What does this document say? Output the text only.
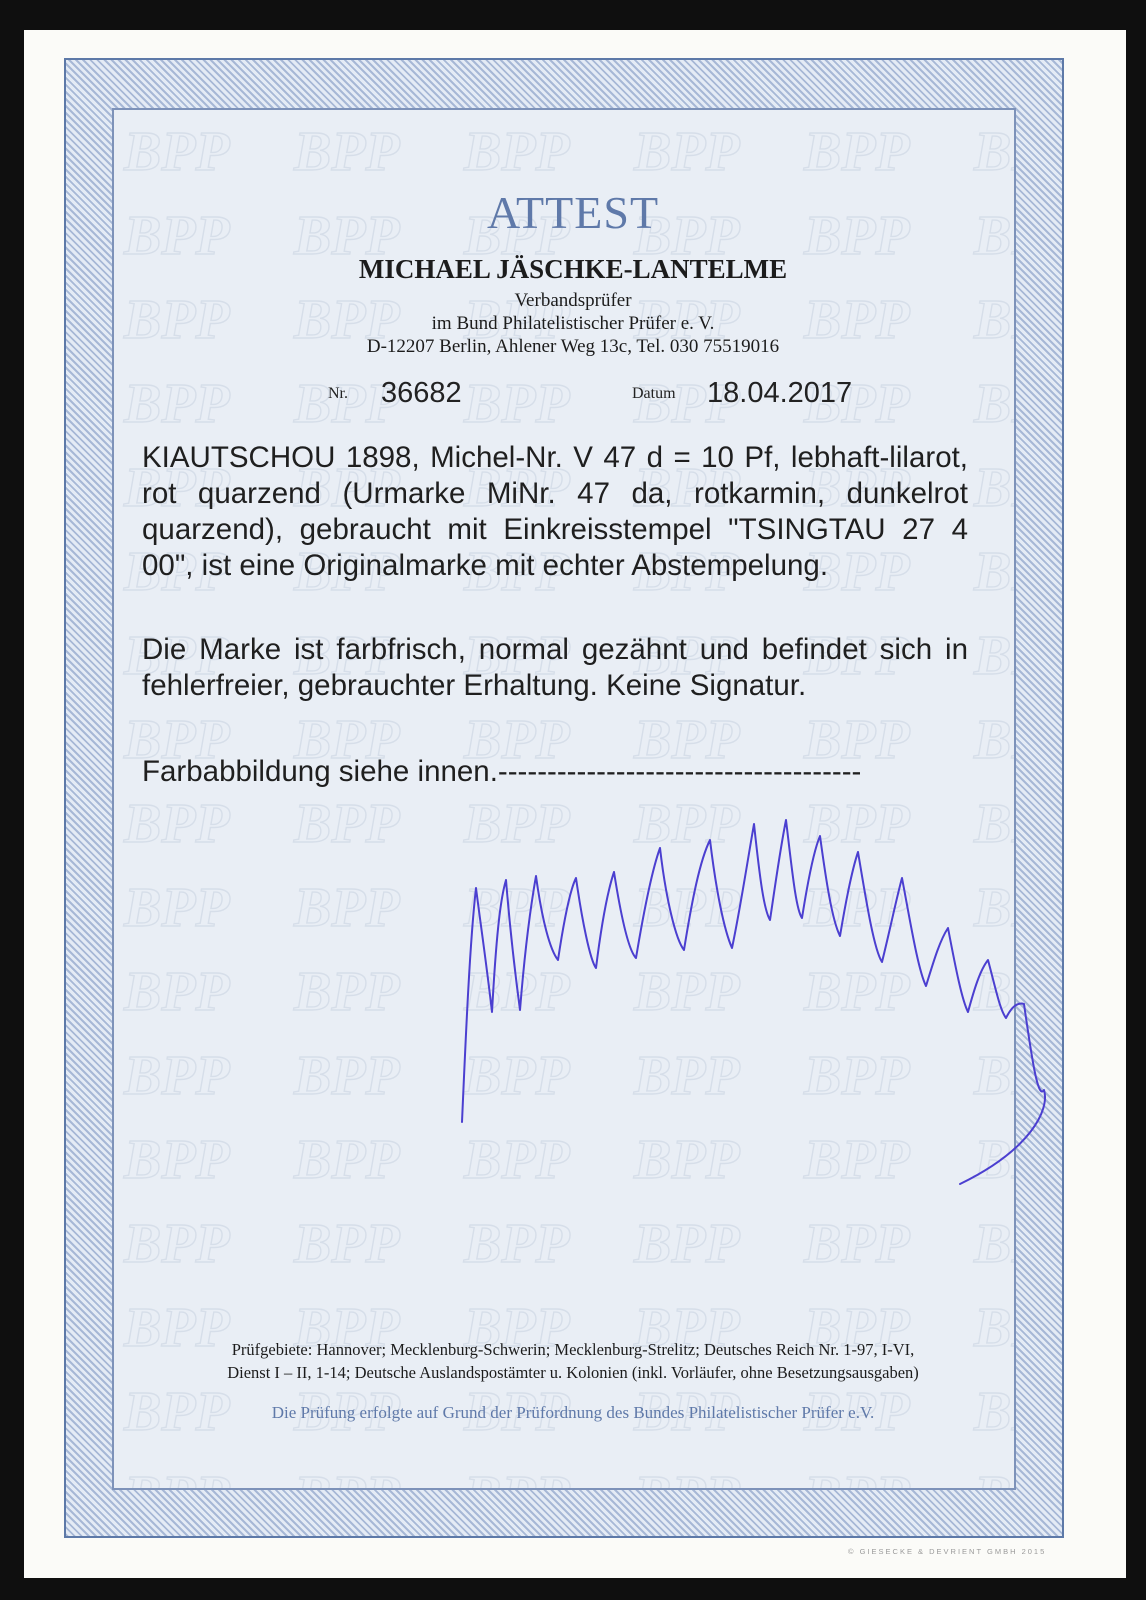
ATTEST
MICHAEL JÄSCHKE-LANTELME
Verbandsprüfer
im Bund Philatelistischer Prüfer e. V.
D-12207 Berlin, Ahlener Weg 13c, Tel. 030 75519016
Nr. 36682	Datum 18.04.2017
KIAUTSCHOU 1898, Michel-Nr. V 47 d = 10 Pf, lebhaft-lilarot, rot quarzend (Urmarke MiNr. 47 da, rotkarmin, dunkelrot quarzend), gebraucht mit Einkreisstempel "TSINGTAU 27 4 00", ist eine Originalmarke mit echter Abstempelung.
Die Marke ist farbfrisch, normal gezähnt und befindet sich in fehlerfreier, gebrauchter Erhaltung. Keine Signatur.
Farbabbildung siehe innen.-------------------------------------
Prüfgebiete: Hannover; Mecklenburg-Schwerin; Mecklenburg-Strelitz; Deutsches Reich Nr. 1-97, I-VI,
Dienst I – II, 1-14; Deutsche Auslandspostämter u. Kolonien (inkl. Vorläufer, ohne Besetzungsausgaben)
Die Prüfung erfolgte auf Grund der Prüfordnung des Bundes Philatelistischer Prüfer e.V.
© GIESECKE & DEVRIENT GMBH 2015
